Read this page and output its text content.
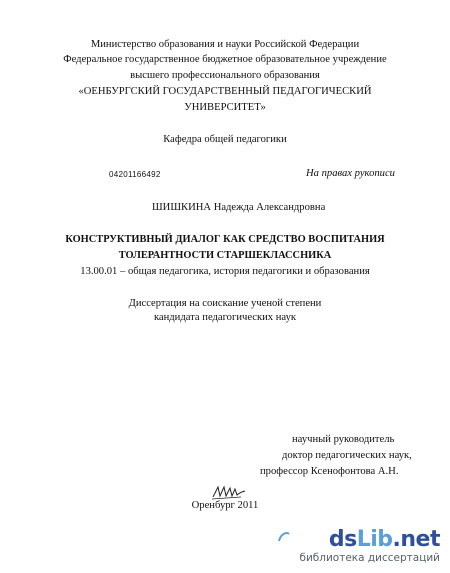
Министерство образования и науки Российской Федерации
Федеральное государственное бюджетное образовательное учреждение
высшего профессионального образования
«ОЕНБУРГСКИЙ ГОСУДАРСТВЕННЫЙ ПЕДАГОГИЧЕСКИЙ
УНИВЕРСИТЕТ»
Кафедра общей педагогики
04201166492	На правах рукописи
ШИШКИНА Надежда Александровна
КОНСТРУКТИВНЫЙ ДИАЛОГ КАК СРЕДСТВО ВОСПИТАНИЯ
ТОЛЕРАНТНОСТИ СТАРШЕКЛАССНИКА
13.00.01 – общая педагогика, история педагогики и образования
Диссертация на соискание ученой степени
кандидата педагогических наук
научный руководитель
доктор педагогических наук,
профессор Ксенофонтова А.Н.
Оренбург 2011
dsLib.net
библиотека диссертаций
